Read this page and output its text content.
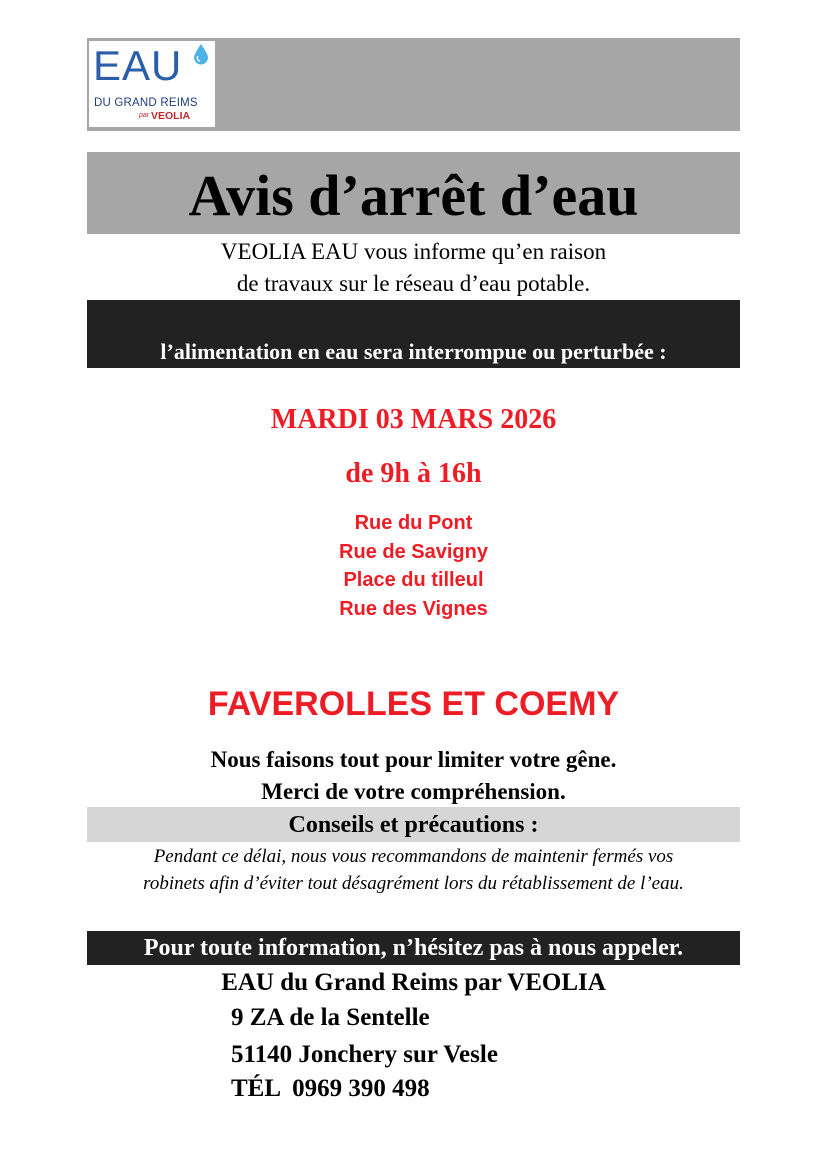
EAU
DU GRAND REIMS
par VEOLIA
Avis d’arrêt d’eau
VEOLIA EAU vous informe qu’en raison
de travaux sur le réseau d’eau potable.
l’alimentation en eau sera interrompue ou perturbée :
MARDI 03 MARS 2026
de 9h à 16h
Rue du Pont
Rue de Savigny
Place du tilleul
Rue des Vignes
FAVEROLLES ET COEMY
Nous faisons tout pour limiter votre gêne.
Merci de votre compréhension.
Conseils et précautions :
Pendant ce délai, nous vous recommandons de maintenir fermés vos
robinets afin d’éviter tout désagrément lors du rétablissement de l’eau.
Pour toute information, n’hésitez pas à nous appeler.
EAU du Grand Reims par VEOLIA
9 ZA de la Sentelle
51140 Jonchery sur Vesle
TÉL  0969 390 498
